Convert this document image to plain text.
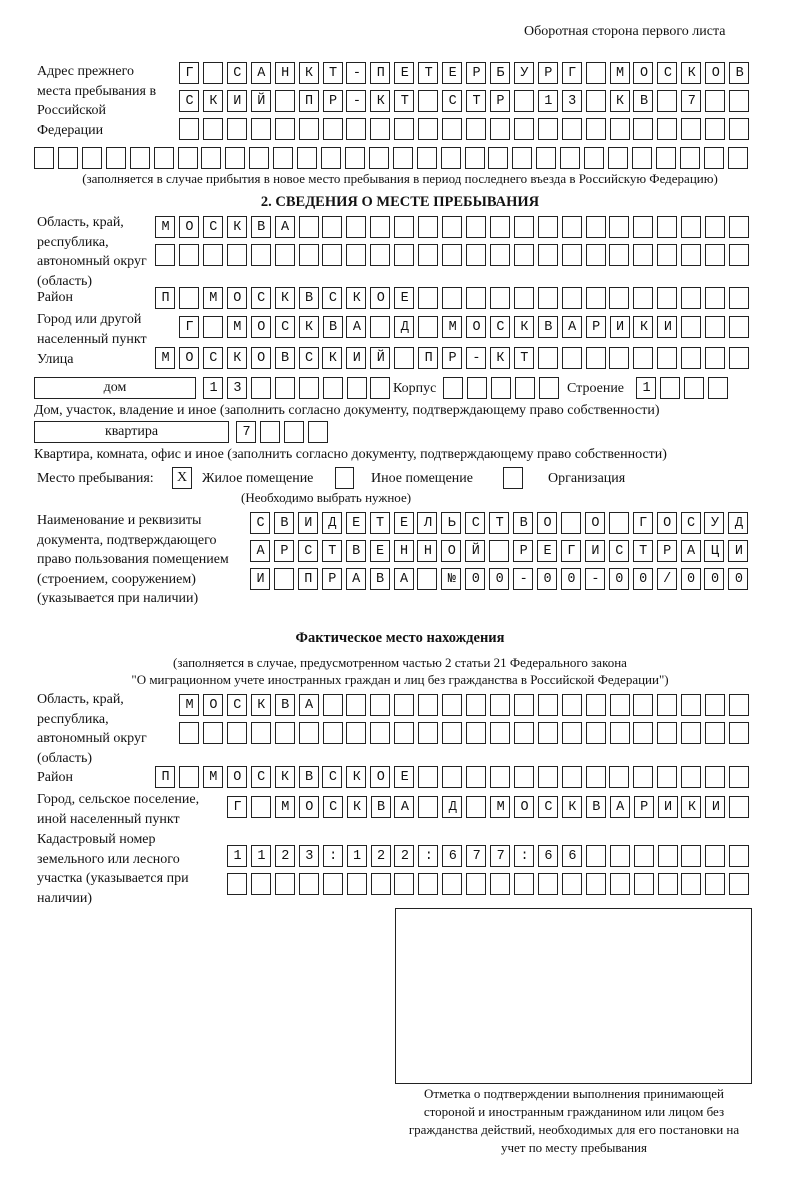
Оборотная сторона первого листа
Адрес прежнего места пребывания в Российской Федерации
Г САНКТ-ПЕТЕРБУРГ МОСКОВ
СКИЙ ПР-КТ СТР 13 КВ 7
(заполняется в случае прибытия в новое место пребывания в период последнего въезда в Российскую Федерацию)
2. СВЕДЕНИЯ О МЕСТЕ ПРЕБЫВАНИЯ
Область, край, республика, автономный округ (область)
МОСКВА
Район	П МОСКВСКОЕ
Город или другой населенный пункт
Г МОСКВА Д МОСКВАРИКИ
Улица	МОСКОВСКИЙ ПР-КТ
дом	13	Корпус	Строение	1
Дом, участок, владение и иное (заполнить согласно документу, подтверждающему право собственности)
квартира	7
Квартира, комната, офис и иное (заполнить согласно документу, подтверждающему право собственности)
Место пребывания:	X	Жилое помещение	Иное помещение	Организация
(Необходимо выбрать нужное)
Наименование и реквизиты документа, подтверждающего право пользования помещением (строением, сооружением) (указывается при наличии)
СВИДЕТЕЛЬСТВО О ГОСУД
АРСТВЕННОЙ РЕГИСТРАЦИ
И ПРАВА №00-00-00/000
Фактическое место нахождения
(заполняется в случае, предусмотренном частью 2 статьи 21 Федерального закона
"О миграционном учете иностранных граждан и лиц без гражданства в Российской Федерации")
Область, край, республика, автономный округ (область)
МОСКВА
Район	П МОСКВСКОЕ
Город, сельское поселение, иной населенный пункт
Г МОСКВА Д МОСКВАРИКИ
Кадастровый номер земельного или лесного участка (указывается при наличии)
1123:122:677:66
Отметка о подтверждении выполнения принимающей стороной и иностранным гражданином или лицом без гражданства действий, необходимых для его постановки на учет по месту пребывания
